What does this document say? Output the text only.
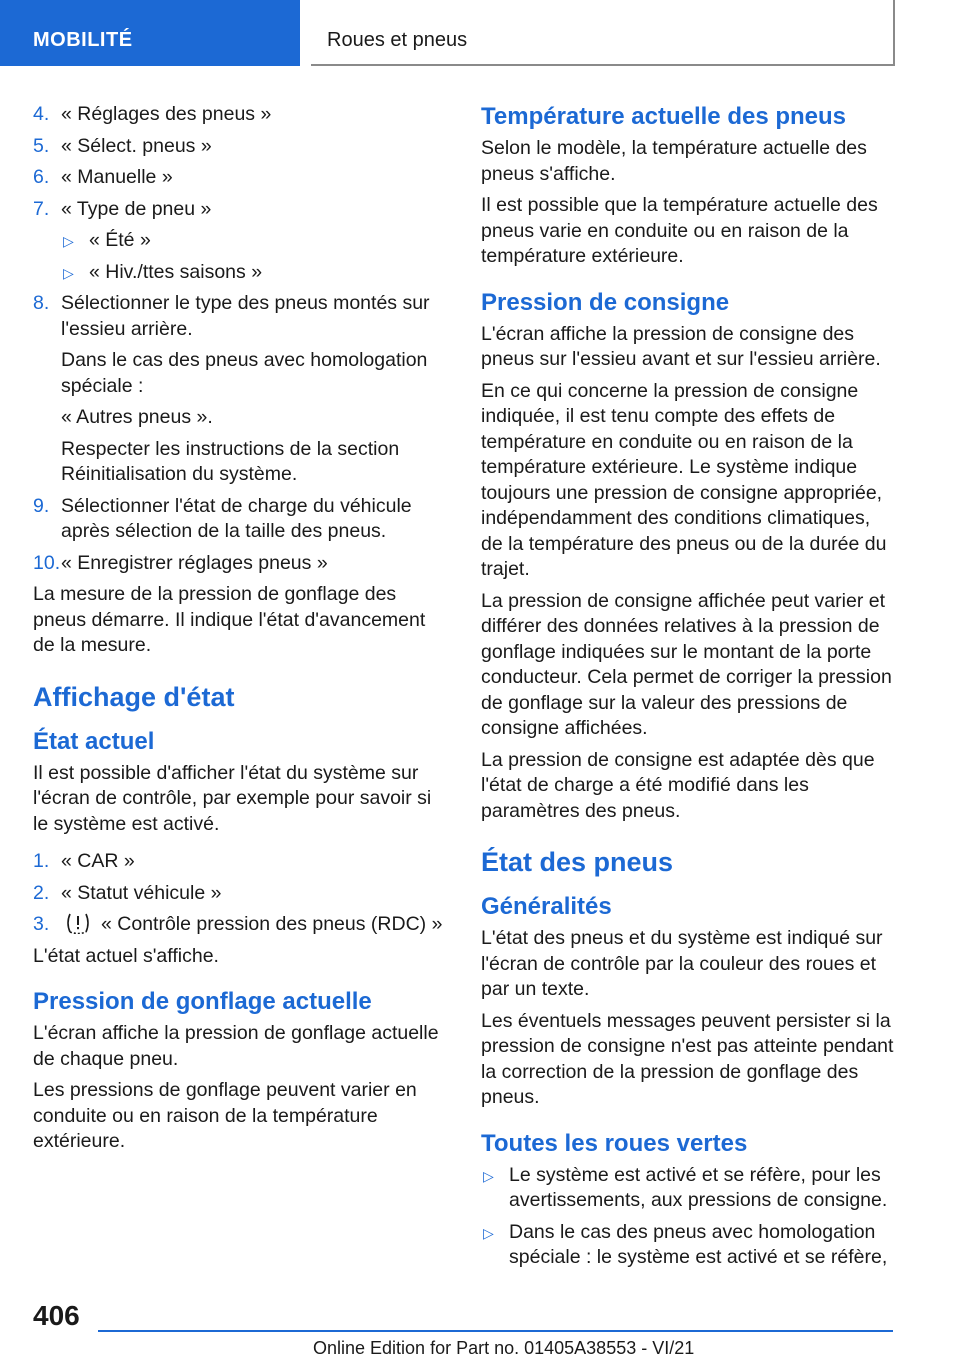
MOBILITÉ	Roues et pneus
4. « Réglages des pneus »
5. « Sélect. pneus »
6. « Manuelle »
7. « Type de pneu »
▷ « Été »
▷ « Hiv./ttes saisons »
8. Sélectionner le type des pneus montés sur l'essieu arrière.
Dans le cas des pneus avec homologation spéciale :
« Autres pneus ».
Respecter les instructions de la section Réinitialisation du système.
9. Sélectionner l'état de charge du véhicule après sélection de la taille des pneus.
10. « Enregistrer réglages pneus »
La mesure de la pression de gonflage des pneus démarre. Il indique l'état d'avancement de la mesure.
Affichage d'état
État actuel
Il est possible d'afficher l'état du système sur l'écran de contrôle, par exemple pour savoir si le système est activé.
1. « CAR »
2. « Statut véhicule »
3.	« Contrôle pression des pneus (RDC) »
L'état actuel s'affiche.
Pression de gonflage actuelle
L'écran affiche la pression de gonflage actuelle de chaque pneu.
Les pressions de gonflage peuvent varier en conduite ou en raison de la température extérieure.
Température actuelle des pneus
Selon le modèle, la température actuelle des pneus s'affiche.
Il est possible que la température actuelle des pneus varie en conduite ou en raison de la température extérieure.
Pression de consigne
L'écran affiche la pression de consigne des pneus sur l'essieu avant et sur l'essieu arrière.
En ce qui concerne la pression de consigne indiquée, il est tenu compte des effets de température en conduite ou en raison de la température extérieure. Le système indique toujours une pression de consigne appropriée, indépendamment des conditions climatiques, de la température des pneus ou de la durée du trajet.
La pression de consigne affichée peut varier et différer des données relatives à la pression de gonflage indiquées sur le montant de la porte conducteur. Cela permet de corriger la pression de gonflage sur la valeur des pressions de consigne affichées.
La pression de consigne est adaptée dès que l'état de charge a été modifié dans les paramètres des pneus.
État des pneus
Généralités
L'état des pneus et du système est indiqué sur l'écran de contrôle par la couleur des roues et par un texte.
Les éventuels messages peuvent persister si la pression de consigne n'est pas atteinte pendant la correction de la pression de gonflage des pneus.
Toutes les roues vertes
▷ Le système est activé et se réfère, pour les avertissements, aux pressions de consigne.
▷ Dans le cas des pneus avec homologation spéciale : le système est activé et se réfère,
406
Online Edition for Part no. 01405A38553 - VI/21
